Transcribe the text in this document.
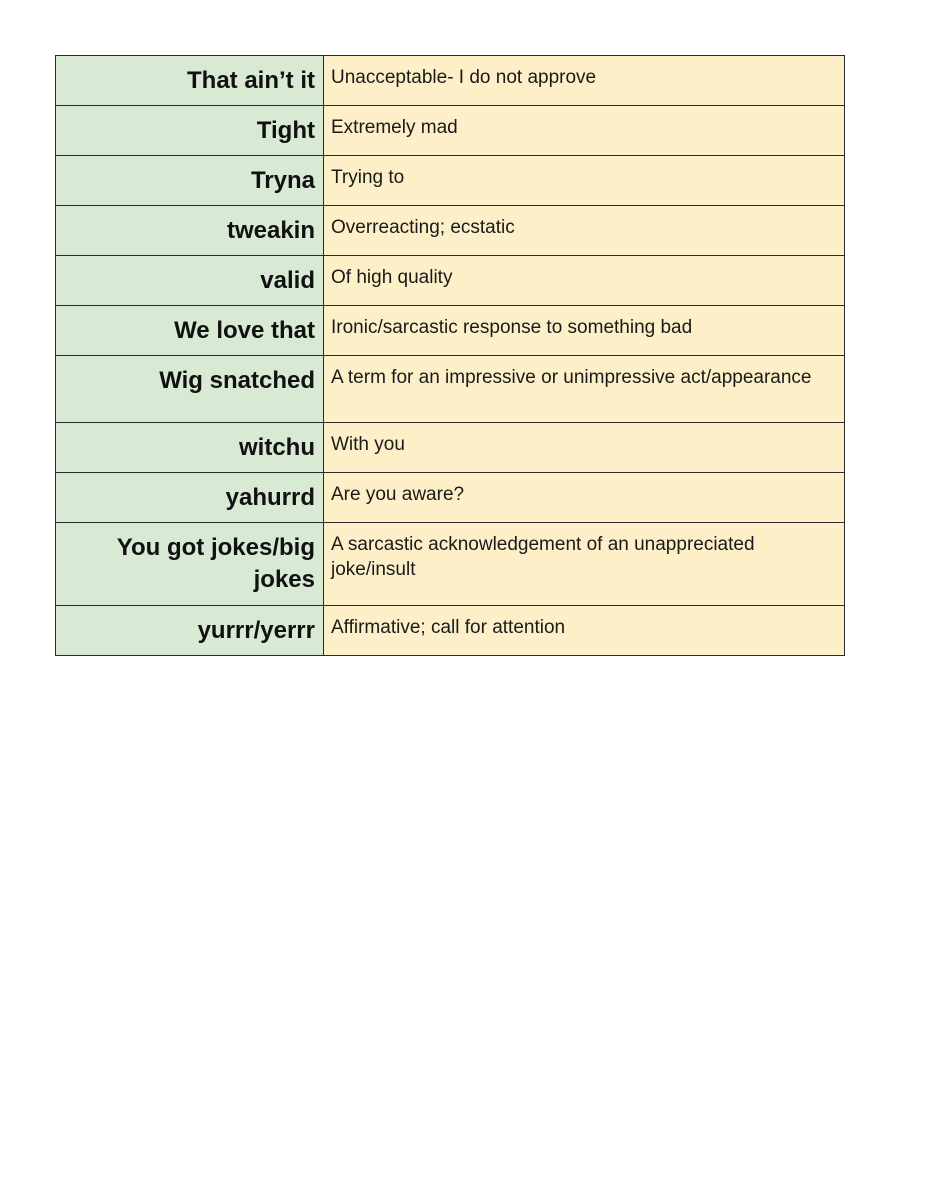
That ain’t it	Unacceptable- I do not approve
Tight	Extremely mad
Tryna	Trying to
tweakin	Overreacting; ecstatic
valid	Of high quality
We love that	Ironic/sarcastic response to something bad
Wig snatched	A term for an impressive or unimpressive act/appearance
witchu	With you
yahurrd	Are you aware?
You got jokes/big jokes	A sarcastic acknowledgement of an unappreciated joke/insult
yurrr/yerrr	Affirmative; call for attention
